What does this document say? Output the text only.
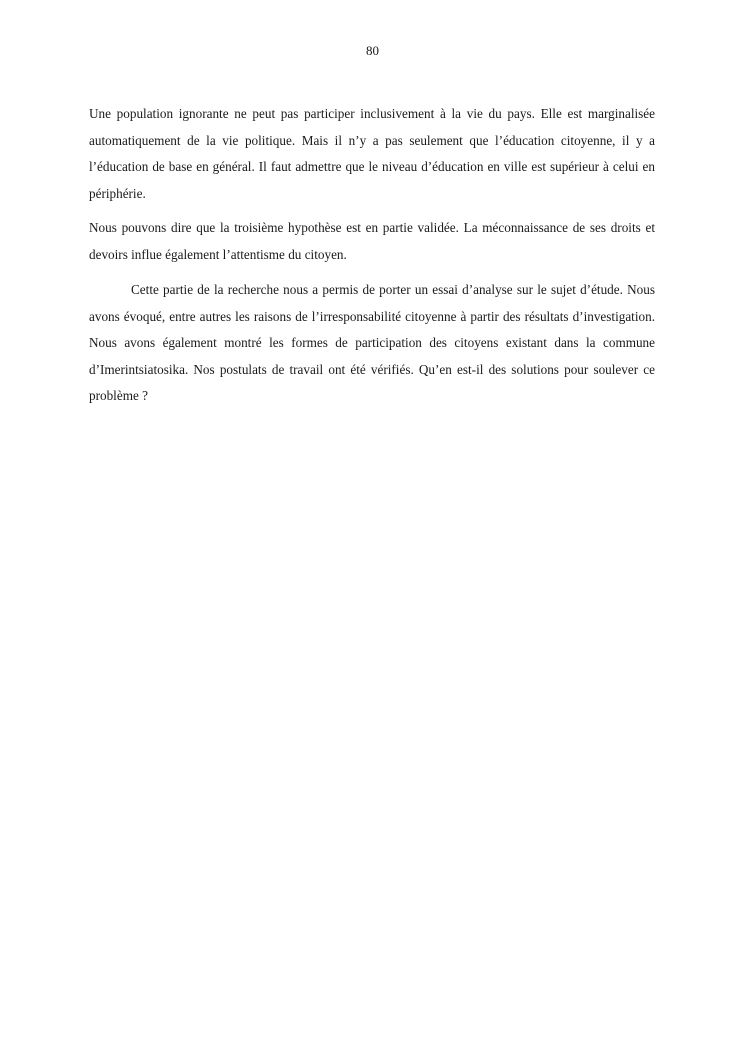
80

Une population ignorante ne peut pas participer inclusivement à la vie du pays. Elle est marginalisée automatiquement de la vie politique. Mais il n’y a pas seulement que l’éducation citoyenne, il y a l’éducation de base en général. Il faut admettre que le niveau d’éducation en ville est supérieur à celui en périphérie.

Nous pouvons dire que la troisième hypothèse est en partie validée. La méconnaissance de ses droits et devoirs influe également l’attentisme du citoyen.

Cette partie de la recherche nous a permis de porter un essai d’analyse sur le sujet d’étude. Nous avons évoqué, entre autres les raisons de l’irresponsabilité citoyenne à partir des résultats d’investigation. Nous avons également montré les formes de participation des citoyens existant dans la commune d’Imerintsiatosika. Nos postulats de travail ont été vérifiés. Qu’en est-il des solutions pour soulever ce problème ?
